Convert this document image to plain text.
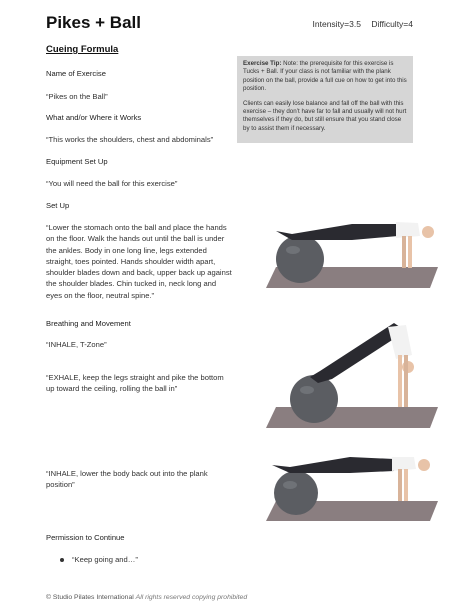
Pikes + Ball	Intensity=3.5 Difficulty=4
Cueing Formula
Name of Exercise
“Pikes on the Ball”
What and/or Where it Works
“This works the shoulders, chest and abdominals”
Equipment Set Up
“You will need the ball for this exercise”
Set Up
“Lower the stomach onto the ball and place the hands on the floor. Walk the hands out until the ball is under the ankles. Body in one long line, legs extended straight, toes pointed. Hands shoulder width apart, shoulder blades down and back, upper back up against the shoulder blades. Chin tucked in, neck long and eyes on the floor, neutral spine.”
Breathing and Movement
“INHALE, T-Zone”
“EXHALE, keep the legs straight and pike the bottom up toward the ceiling, rolling the ball in”
“INHALE, lower the body back out into the plank position”
Permission to Continue
“Keep going and…”

Exercise Tip: Note: the prerequisite for this exercise is Tucks + Ball. If your class is not familiar with the plank position on the ball, provide a full cue on how to get into this position.

Clients can easily lose balance and fall off the ball with this exercise – they don’t have far to fall and usually will not hurt themselves if they do, but still ensure that you stand close by to assist them if necessary.

© Studio Pilates International All rights reserved copying prohibited
